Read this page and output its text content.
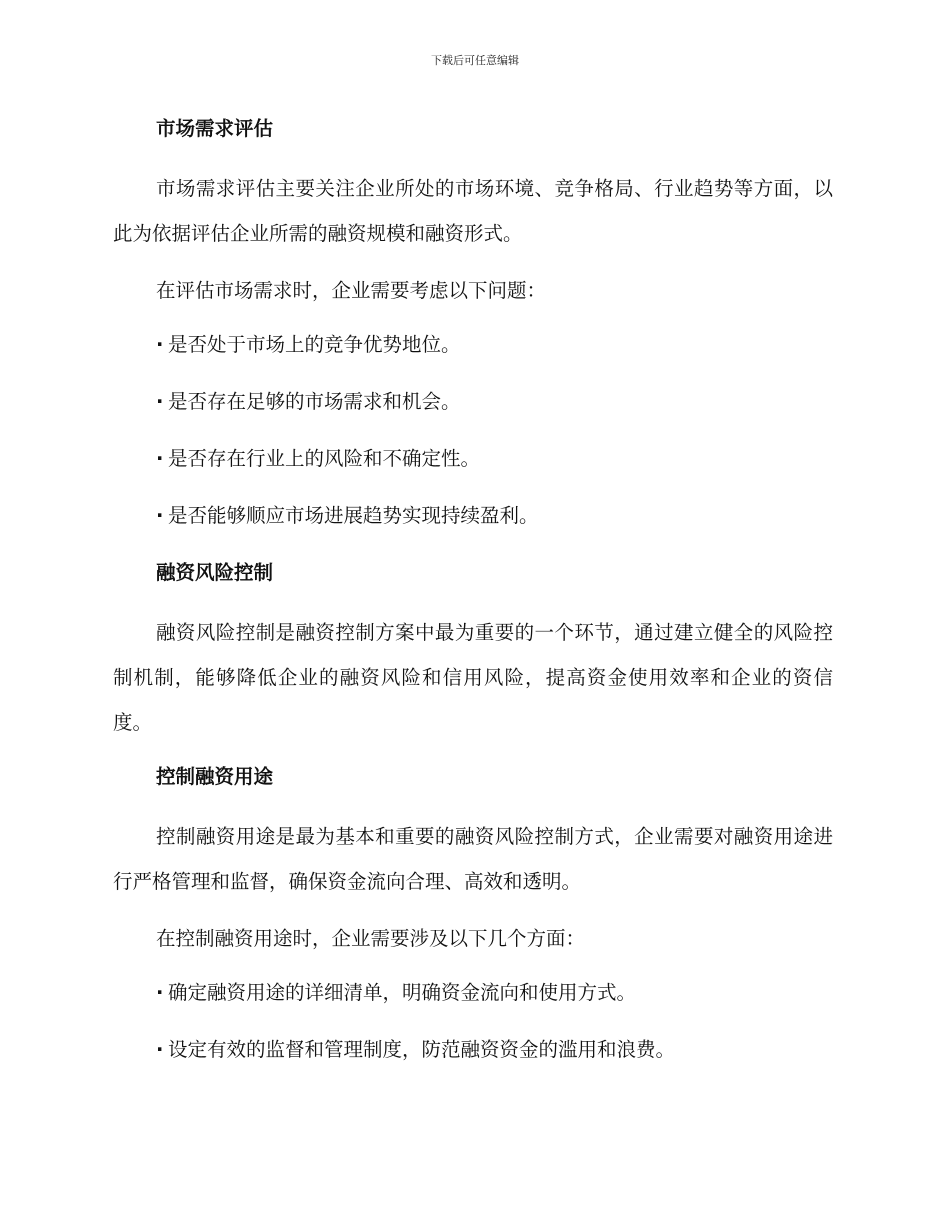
下载后可任意编辑
市场需求评估

市场需求评估主要关注企业所处的市场环境、竞争格局、行业趋势等方面，以此为依据评估企业所需的融资规模和融资形式。

在评估市场需求时，企业需要考虑以下问题：

· 是否处于市场上的竞争优势地位。

· 是否存在足够的市场需求和机会。

· 是否存在行业上的风险和不确定性。

· 是否能够顺应市场进展趋势实现持续盈利。

融资风险控制

融资风险控制是融资控制方案中最为重要的一个环节，通过建立健全的风险控制机制，能够降低企业的融资风险和信用风险，提高资金使用效率和企业的资信度。

控制融资用途

控制融资用途是最为基本和重要的融资风险控制方式，企业需要对融资用途进行严格管理和监督，确保资金流向合理、高效和透明。

在控制融资用途时，企业需要涉及以下几个方面：

· 确定融资用途的详细清单，明确资金流向和使用方式。

· 设定有效的监督和管理制度，防范融资资金的滥用和浪费。
